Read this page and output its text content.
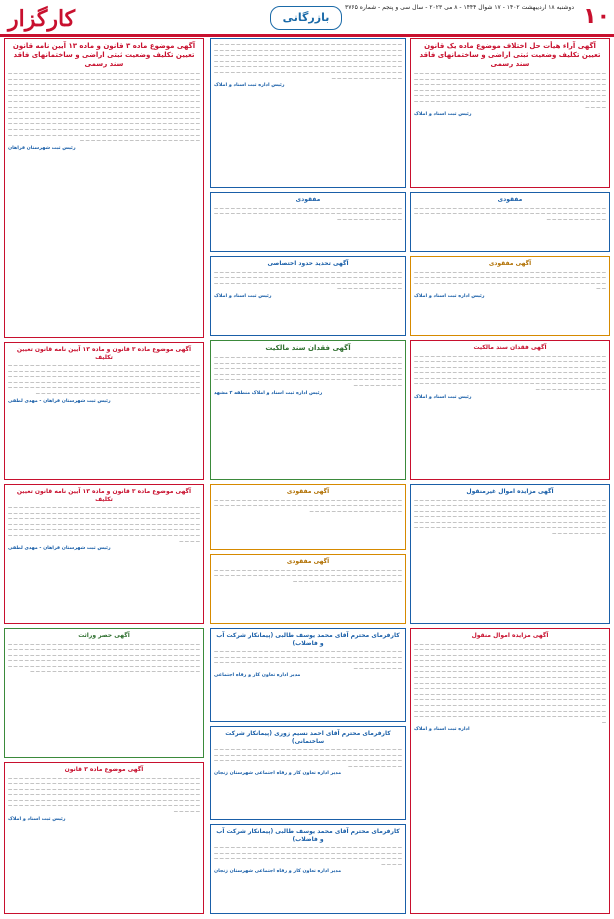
۱۰
دوشنبه ۱۸ اردیبهشت ۱۴۰۲ - ۱۷ شوال ۱۴۴۴ - ۸ می ۲۰۲۳ - سال سی و پنجم - شماره ۳۷۶۵
بازرگانی
کارگزار
آگهی آراء هیأت حل اختلاف موضوع ماده یک قانون تعیین تکلیف وضعیت ثبتی اراضی و ساختمانهای فاقد سند رسمی
— — — — — — — — — — — — — — — — — — — — — — — — — — — — — — — — — — — — — — — — — — — — — — — — — — — — — — — — — — — — — — — — — — — — — — — — — — — — — — — — — — — — — — — — — — — — — — — — — — — — — — — — — — — — — — — — — — — — — — — — — — — — — — — — — — — — — — — — — — — — — — — — — — — — — — — — — — — — — — — — — — — — — — — — — — — — — — — — — — — — — — — — — — — — — — — — — — — — — — — — — — — — — — — — — — — — — —
رئیس ثبت اسناد و املاک
— — — — — — — — — — — — — — — — — — — — — — — — — — — — — — — — — — — — — — — — — — — — — — — — — — — — — — — — — — — — — — — — — — — — — — — — — — — — — — — — — — — — — — — — — — — — — — — — — — — — — — — — — — — — — — — — — — — — — — — — — — — — — — — — — — — — — — — — — — — — — — — — — — — — — — — — — — — — — — — — — — — — — — — — — — — — — — — — — — — — — — — — — — — — — — — — — — — — — — — — — — — — — — — — — — — — — — — — —
رئیس اداره ثبت اسناد و املاک
آگهی موضوع ماده ۳ قانون و ماده ۱۳ آیین نامه قانون تعیین تکلیف وضعیت ثبتی اراضی و ساختمانهای فاقد سند رسمی
— — — — — — — — — — — — — — — — — — — — — — — — — — — — — — — — — — — — — — — — — — — — — — — — — — — — — — — — — — — — — — — — — — — — — — — — — — — — — — — — — — — — — — — — — — — — — — — — — — — — — — — — — — — — — — — — — — — — — — — — — — — — — — — — — — — — — — — — — — — — — — — — — — — — — — — — — — — — — — — — — — — — — — — — — — — — — — — — — — — — — — — — — — — — — — — — — — — — — — — — — — — — — — — — — — — — — — — — — — — — — — — — — — — — — — — — — — — — — — — — — — — — — — — — — — — — — — — — — — — — — — — — — — — — — — — — — — — — — — — — — — — — — — — — — — — — — — — — — — — — — — — — — — — — — — — — — — — — — — — — — — — — — — — — — — — — — — — — — — — — — — — — — — — — — — — — — — — — — — — — — — — — — — — — — — — — — — — — — — — — — — — — — — — — — — — — — — — — — — — — — — — — — — — — — — — — — — — — — — — — — — — — — — — — — — — — — — — — — — — — — —
رئیس ثبت شهرستان فراهان
مفقودی
— — — — — — — — — — — — — — — — — — — — — — — — — — — — — — — — — — — — — — — — — — — — — — — — — — — — — — — — — — — — — — — — — — — — — — — — — — — — — — — — —
مفقودی
— — — — — — — — — — — — — — — — — — — — — — — — — — — — — — — — — — — — — — — — — — — — — — — — — — — — — — — — — — — — — — — — — — — — — — — — — — — — — — — —
آگهی مفقودی
— — — — — — — — — — — — — — — — — — — — — — — — — — — — — — — — — — — — — — — — — — — — — — — — — — — — — — — — — — — — — — — — — — — — — — — — — — — — — — — — — — — — — — — — — — — — — — — — — — — — — — — — — — —
رئیس اداره ثبت اسناد و املاک
آگهی تحدید حدود اختصاصی
— — — — — — — — — — — — — — — — — — — — — — — — — — — — — — — — — — — — — — — — — — — — — — — — — — — — — — — — — — — — — — — — — — — — — — — — — — — — — — — — — — — — — — — — — — — — — — — — — — — — — — — — — — — — — — — — — —
رئیس ثبت اسناد و املاک
آگهی فقدان سند مالکیت
— — — — — — — — — — — — — — — — — — — — — — — — — — — — — — — — — — — — — — — — — — — — — — — — — — — — — — — — — — — — — — — — — — — — — — — — — — — — — — — — — — — — — — — — — — — — — — — — — — — — — — — — — — — — — — — — — — — — — — — — — — — — — — — — — — — — — — — — — — — — — — — — — — — — — — — — — — — — — — — — — — — — — — — — — — — — — — — — — — — — — — — — — — — — — — — — — — — — — — — — — — — — — — — — — — — — — — — — — — — — — — —
رئیس ثبت اسناد و املاک
آگهی فقدان سند مالکیت
— — — — — — — — — — — — — — — — — — — — — — — — — — — — — — — — — — — — — — — — — — — — — — — — — — — — — — — — — — — — — — — — — — — — — — — — — — — — — — — — — — — — — — — — — — — — — — — — — — — — — — — — — — — — — — — — — — — — — — — — — — — — — — — — — — — — — — — — — — — — — — — — — — — — — — — — — — — — — — — — — — — — — — — — — — — — — — — — — — —
رئیس اداره ثبت اسناد و املاک منطقه ۲ مشهد
آگهی موضوع ماده ۳ قانون و ماده ۱۳ آیین نامه قانون تعیین تکلیف
— — — — — — — — — — — — — — — — — — — — — — — — — — — — — — — — — — — — — — — — — — — — — — — — — — — — — — — — — — — — — — — — — — — — — — — — — — — — — — — — — — — — — — — — — — — — — — — — — — — — — — — — — — — — — — — — — — — — — — — — — — — — — — — — — — — — — — — — — — — — — — — — — — — — — — — — — — — — — — — — — — — — — — — — — — — — — — — — — — — — — — — — — — — — — — — — — — — — — — — — — — — — —
رئیس ثبت شهرستان فراهان - مهدی لطفی
آگهی مزایده اموال غیرمنقول
— — — — — — — — — — — — — — — — — — — — — — — — — — — — — — — — — — — — — — — — — — — — — — — — — — — — — — — — — — — — — — — — — — — — — — — — — — — — — — — — — — — — — — — — — — — — — — — — — — — — — — — — — — — — — — — — — — — — — — — — — — — — — — — — — — — — — — — — — — — — — — — — — — — — — — — — — — — — — — — — — — — — — — — — — — — — — — — — — — — — — — — — — — — — — — — — — — — — — — — — — — — — — — — — — — — — — — — — — — — —
آگهی مفقودی
— — — — — — — — — — — — — — — — — — — — — — — — — — — — — — — — — — — — — — — — — — — — — — — — — — — — — — — — — — — — — — — — — — — — — — — — — — — — — — — — — — — — —
آگهی مفقودی
— — — — — — — — — — — — — — — — — — — — — — — — — — — — — — — — — — — — — — — — — — — — — — — — — — — — — — — — — — — — — — — — — — — — — — — — — — — — — — — — — — — — — — — —
آگهی موضوع ماده ۳ قانون و ماده ۱۳ آیین نامه قانون تعیین تکلیف
— — — — — — — — — — — — — — — — — — — — — — — — — — — — — — — — — — — — — — — — — — — — — — — — — — — — — — — — — — — — — — — — — — — — — — — — — — — — — — — — — — — — — — — — — — — — — — — — — — — — — — — — — — — — — — — — — — — — — — — — — — — — — — — — — — — — — — — — — — — — — — — — — — — — — — — — — — — — — — — — — — — — — — — — — — — — — — — — — — — — — — — — — — — — — — — — — — — — — — — — — — — — — — — — — — — — — —
رئیس ثبت شهرستان فراهان - مهدی لطفی
آگهی مزایده اموال منقول
— — — — — — — — — — — — — — — — — — — — — — — — — — — — — — — — — — — — — — — — — — — — — — — — — — — — — — — — — — — — — — — — — — — — — — — — — — — — — — — — — — — — — — — — — — — — — — — — — — — — — — — — — — — — — — — — — — — — — — — — — — — — — — — — — — — — — — — — — — — — — — — — — — — — — — — — — — — — — — — — — — — — — — — — — — — — — — — — — — — — — — — — — — — — — — — — — — — — — — — — — — — — — — — — — — — — — — — — — — — — — — — — — — — — — — — — — — — — — — — — — — — — — — — — — — — — — — — — — — — — — — — — — — — — — — — — — — — — — — — — — — — — — — — — — — — — — — — — — — — — — — — — — — — — — — — — — — — — — — — — — — — — — — — — — — — — — — — — — — — — — — — — — — — — — — — — — — — — — — — — — — — — — — — — — — — — — — — — — — — — — — — — — — — — — — — — — — — — — — — — — — — — — — — — — — — — — — — — — — — — — — — — — — — — — — — — — — — — — — — — — — — — — — — — — — — — — — — — — — — — — — — — — — — — — — — — — — — — — — — — — — — — — — — — — — —
اداره ثبت اسناد و املاک
کارفرمای محترم آقای محمد یوسف طالبی (پیمانکار شرکت آب و فاضلاب)
— — — — — — — — — — — — — — — — — — — — — — — — — — — — — — — — — — — — — — — — — — — — — — — — — — — — — — — — — — — — — — — — — — — — — — — — — — — — — — — — — — — — — — — — — — — — — — — — — — — — — — — — — — — — — — —
مدیر اداره تعاون کار و رفاه اجتماعی
کارفرمای محترم آقای احمد نسیم زوری (پیمانکار شرکت ساختمانی)
— — — — — — — — — — — — — — — — — — — — — — — — — — — — — — — — — — — — — — — — — — — — — — — — — — — — — — — — — — — — — — — — — — — — — — — — — — — — — — — — — — — — — — — — — — — — — — — — — — — — — — — — — — — — — — — —
مدیر اداره تعاون کار و رفاه اجتماعی شهرستان زنجان
کارفرمای محترم آقای محمد یوسف طالبی (پیمانکار شرکت آب و فاضلاب)
— — — — — — — — — — — — — — — — — — — — — — — — — — — — — — — — — — — — — — — — — — — — — — — — — — — — — — — — — — — — — — — — — — — — — — — — — — — — — — — — — — — — — — — — — — — — — — — — — — — — — — — — — —
مدیر اداره تعاون کار و رفاه اجتماعی شهرستان زنجان
آگهی حصر وراثت
— — — — — — — — — — — — — — — — — — — — — — — — — — — — — — — — — — — — — — — — — — — — — — — — — — — — — — — — — — — — — — — — — — — — — — — — — — — — — — — — — — — — — — — — — — — — — — — — — — — — — — — — — — — — — — — — — — — — — — — — — — — — — — — — — — — — — — — — — — — — — — — — — — — — — — — — — — — — — — — — — — — — — — — — — — — — — — — — — — — — — — — — — — — — — — — — — — — — — — — — — — — — — —
آگهی موضوع ماده ۳ قانون
— — — — — — — — — — — — — — — — — — — — — — — — — — — — — — — — — — — — — — — — — — — — — — — — — — — — — — — — — — — — — — — — — — — — — — — — — — — — — — — — — — — — — — — — — — — — — — — — — — — — — — — — — — — — — — — — — — — — — — — — — — — — — — — — — — — — — — — — — — — — — — — — — — — — — — — — — — — — — — — — — — — — — — — — — — — — — — — — — — — — — — — — — — — — — — — — — — — — — — — — — — — — — — — — — — — — — — —
رئیس ثبت اسناد و املاک
